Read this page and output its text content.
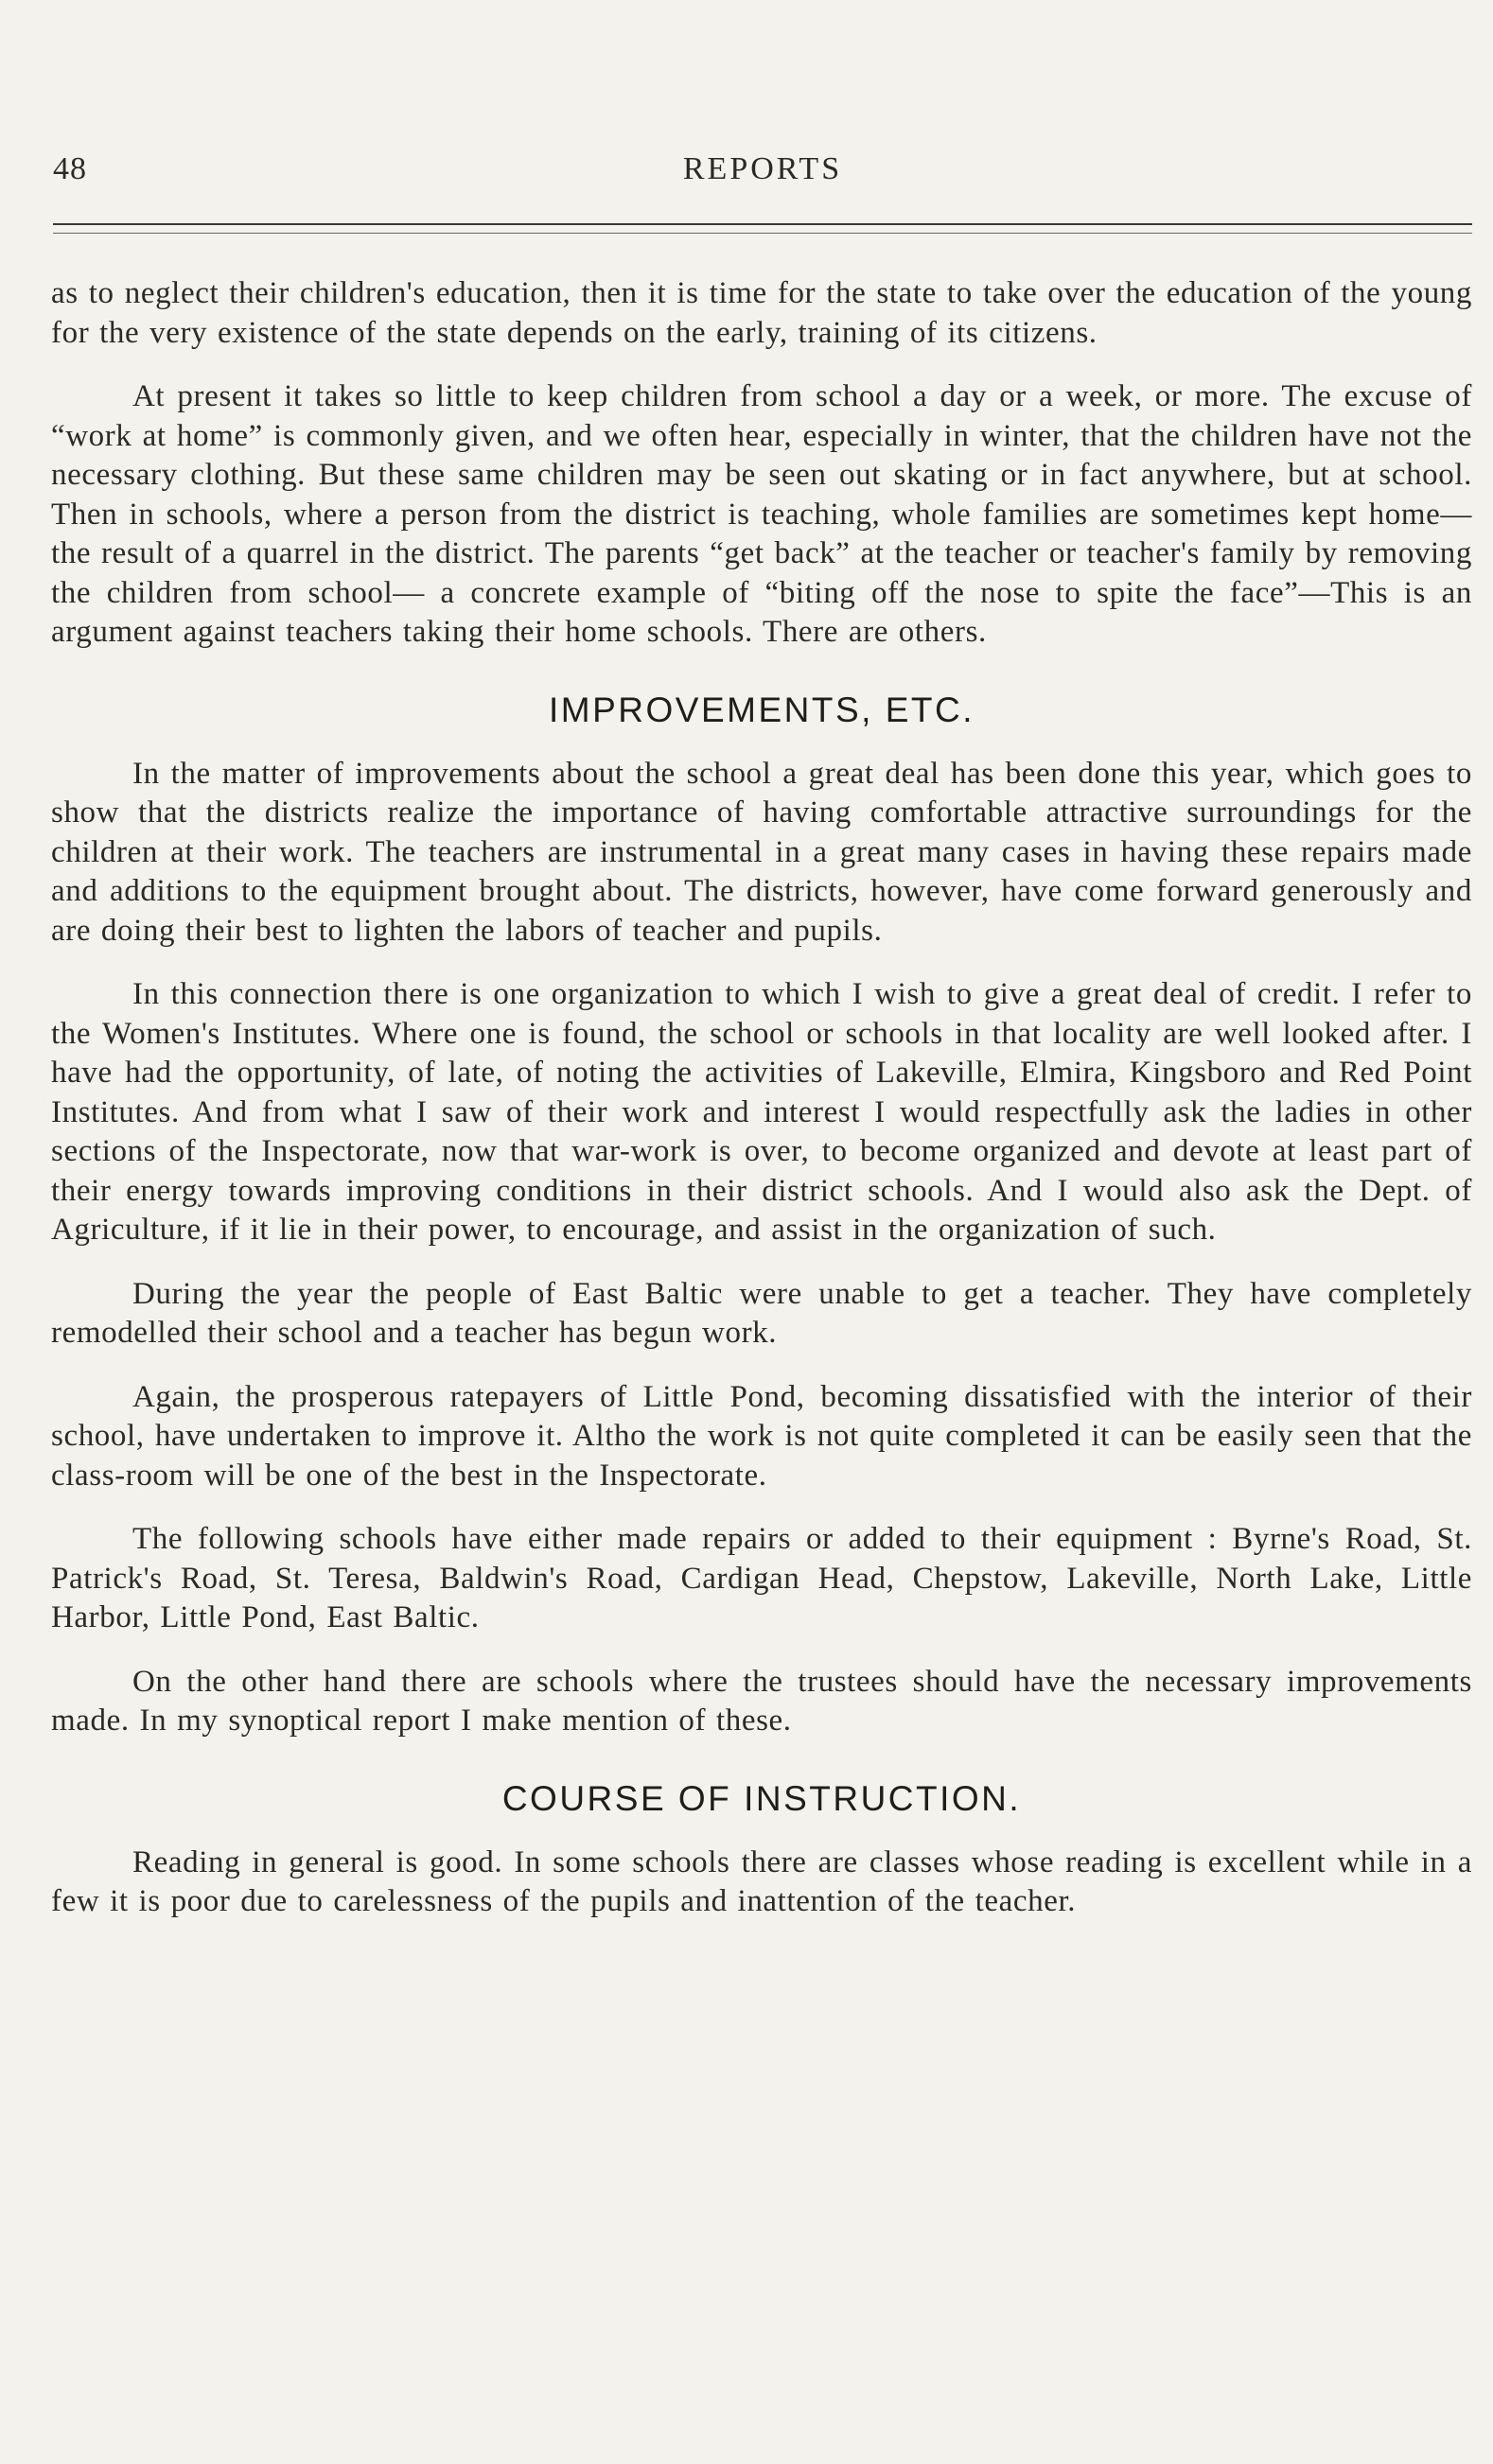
48	REPORTS

as to neglect their children's education, then it is time for the state to take over the education of the young for the very existence of the state depends on the early, training of its citizens.

At present it takes so little to keep children from school a day or a week, or more. The excuse of “work at home” is commonly given, and we often hear, especially in winter, that the children have not the necessary clothing. But these same children may be seen out skating or in fact anywhere, but at school. Then in schools, where a person from the district is teaching, whole families are sometimes kept home—the result of a quarrel in the district. The parents “get back” at the teacher or teacher's family by removing the children from school— a concrete example of “biting off the nose to spite the face”—This is an argument against teachers taking their home schools. There are others.

IMPROVEMENTS, ETC.

In the matter of improvements about the school a great deal has been done this year, which goes to show that the districts realize the importance of having comfortable attractive surroundings for the children at their work. The teachers are instrumental in a great many cases in having these repairs made and additions to the equipment brought about. The districts, however, have come forward generously and are doing their best to lighten the labors of teacher and pupils.

In this connection there is one organization to which I wish to give a great deal of credit. I refer to the Women's Institutes. Where one is found, the school or schools in that locality are well looked after. I have had the opportunity, of late, of noting the activities of Lakeville, Elmira, Kingsboro and Red Point Institutes. And from what I saw of their work and interest I would respectfully ask the ladies in other sections of the Inspectorate, now that war-work is over, to become organized and devote at least part of their energy towards improving conditions in their district schools. And I would also ask the Dept. of Agriculture, if it lie in their power, to encourage, and assist in the organization of such.

During the year the people of East Baltic were unable to get a teacher. They have completely remodelled their school and a teacher has begun work.

Again, the prosperous ratepayers of Little Pond, becoming dissatisfied with the interior of their school, have undertaken to improve it. Altho the work is not quite completed it can be easily seen that the class-room will be one of the best in the Inspectorate.

The following schools have either made repairs or added to their equipment : Byrne's Road, St. Patrick's Road, St. Teresa, Baldwin's Road, Cardigan Head, Chepstow, Lakeville, North Lake, Little Harbor, Little Pond, East Baltic.

On the other hand there are schools where the trustees should have the necessary improvements made. In my synoptical report I make mention of these.

COURSE OF INSTRUCTION.

Reading in general is good. In some schools there are classes whose reading is excellent while in a few it is poor due to carelessness of the pupils and inattention of the teacher.
